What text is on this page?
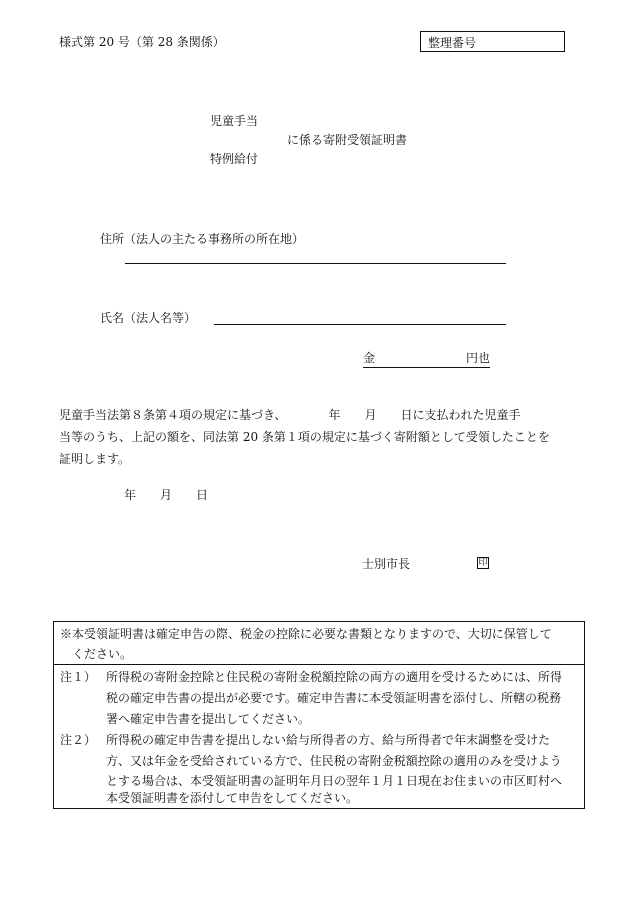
様式第 20 号（第 28 条関係）	整理番号
児童手当
に係る寄附受領証明書
特例給付
住所（法人の主たる事務所の所在地）
氏名（法人名等）
金	円也
児童手当法第８条第４項の規定に基づき、　　　　年　　月　　日に支払われた児童手
当等のうち、上記の額を、同法第 20 条第１項の規定に基づく寄附額として受領したことを
証明します。
年　　月　　日
士別市長	印
※本受領証明書は確定申告の際、税金の控除に必要な書類となりますので、大切に保管して
ください。
注１） 所得税の寄附金控除と住民税の寄附金税額控除の両方の適用を受けるためには、所得
税の確定申告書の提出が必要です。確定申告書に本受領証明書を添付し、所轄の税務
署へ確定申告書を提出してください。
注２） 所得税の確定申告書を提出しない給与所得者の方、給与所得者で年末調整を受けた
方、又は年金を受給されている方で、住民税の寄附金税額控除の適用のみを受けよう
とする場合は、本受領証明書の証明年月日の翌年１月１日現在お住まいの市区町村へ
本受領証明書を添付して申告をしてください。
